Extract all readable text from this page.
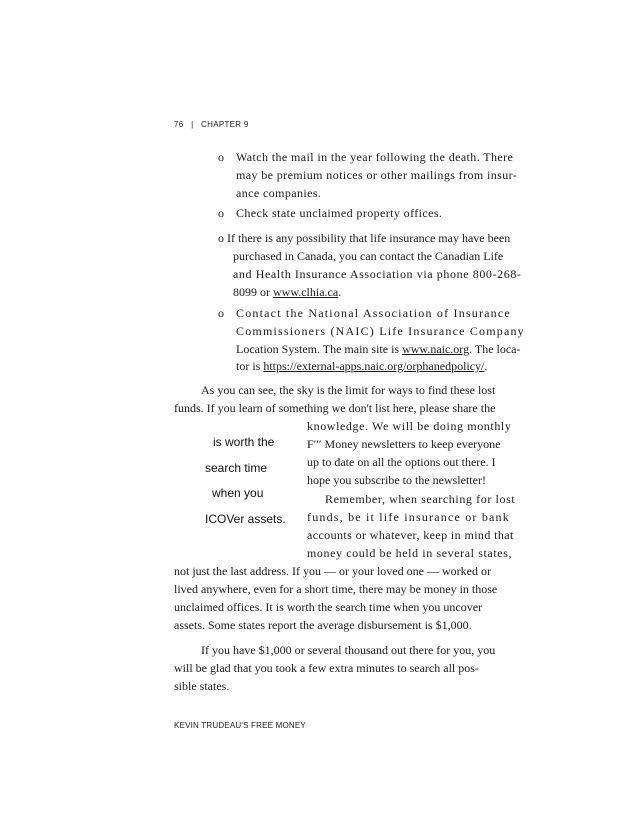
76 | CHAPTER 9
o Watch the mail in the year following the death. There
may be premium notices or other mailings from insur-
ance companies.
o Check state unclaimed property offices.
o If there is any possibility that life insurance may have been
purchased in Canada, you can contact the Canadian Life
and Health Insurance Association via phone 800-268-
8099 or www.clhia.ca.
o Contact the National Association of Insurance
Commissioners (NAIC) Life Insurance Company
Location System. The main site is www.naic.org. The loca-
tor is https://external-apps.naic.org/orphanedpolicy/.
As you can see, the sky is the limit for ways to find these lost
funds. If you learn of something we don't list here, please share the
knowledge. We will be doing monthly
F′′′ Money newsletters to keep everyone
up to date on all the options out there. I
hope you subscribe to the newsletter!
Remember, when searching for lost
funds, be it life insurance or bank
accounts or whatever, keep in mind that
money could be held in several states,
is worth the
search time
when you
ICOVer assets.
not just the last address. If you — or your loved one — worked or
lived anywhere, even for a short time, there may be money in those
unclaimed offices. It is worth the search time when you uncover
assets. Some states report the average disbursement is $1,000.
If you have $1,000 or several thousand out there for you, you
will be glad that you took a few extra minutes to search all pos-
sible states.
KEVIN TRUDEAU'S FREE MONEY
